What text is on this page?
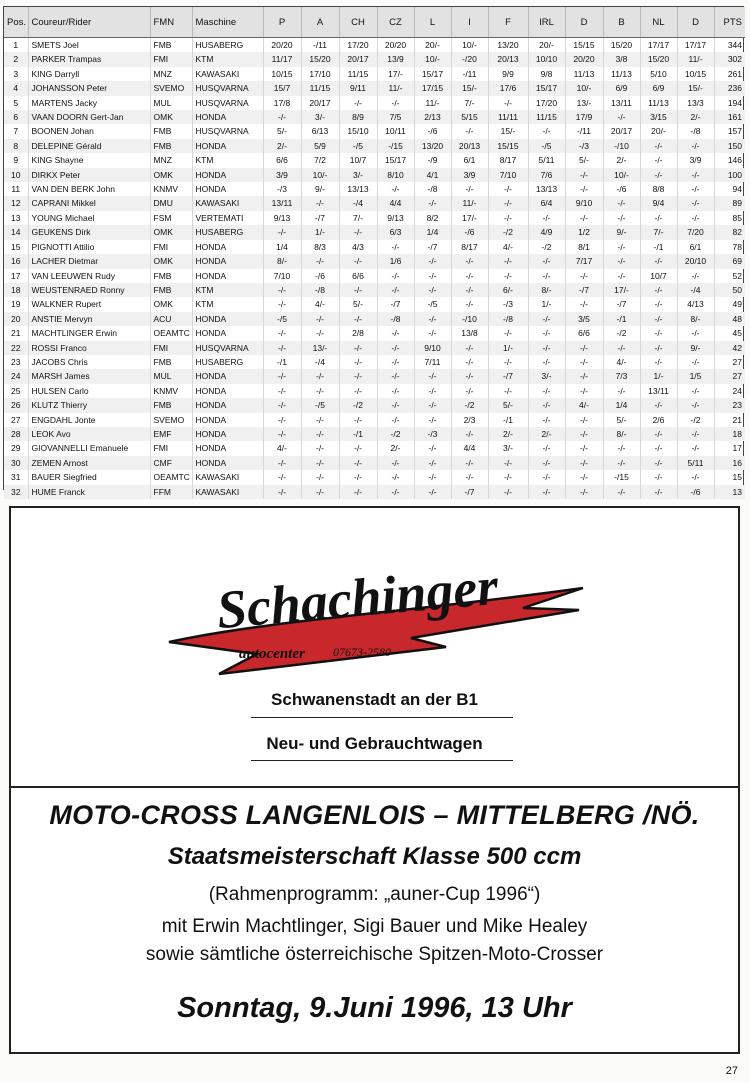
Pos.	Coureur/Rider	FMN	Maschine	P	A	CH	CZ	L	I	F	IRL	D	B	NL	D	PTS
1	SMETS Joel	FMB	HUSABERG	20/20	-/11	17/20	20/20	20/-	10/-	13/20	20/-	15/15	15/20	17/17	17/17	344
2	PARKER Trampas	FMI	KTM	11/17	15/20	20/17	13/9	10/-	-/20	20/13	10/10	20/20	3/8	15/20	11/-	302
3	KING Darryll	MNZ	KAWASAKI	10/15	17/10	11/15	17/-	15/17	-/11	9/9	9/8	11/13	11/13	5/10	10/15	261
4	JOHANSSON Peter	SVEMO	HUSQVARNA	15/7	11/15	9/11	11/-	17/15	15/-	17/6	15/17	10/-	6/9	6/9	15/-	236
5	MARTENS Jacky	MUL	HUSQVARNA	17/8	20/17	-/-	-/-	11/-	7/-	-/-	17/20	13/-	13/11	11/13	13/3	194
6	VAAN DOORN Gert-Jan	OMK	HONDA	-/-	3/-	8/9	7/5	2/13	5/15	11/11	11/15	17/9	-/-	3/15	2/-	161
7	BOONEN Johan	FMB	HUSQVARNA	5/-	6/13	15/10	10/11	-/6	-/-	15/-	-/-	-/11	20/17	20/-	-/8	157
8	DELEPINE Gérald	FMB	HONDA	2/-	5/9	-/5	-/15	13/20	20/13	15/15	-/5	-/3	-/10	-/-	-/-	150
9	KING Shayne	MNZ	KTM	6/6	7/2	10/7	15/17	-/9	6/1	8/17	5/11	5/-	2/-	-/-	3/9	146
10	DIRKX Peter	OMK	HONDA	3/9	10/-	3/-	8/10	4/1	3/9	7/10	7/6	-/-	10/-	-/-	-/-	100
11	VAN DEN BERK John	KNMV	HONDA	-/3	9/-	13/13	-/-	-/8	-/-	-/-	13/13	-/-	-/6	8/8	-/-	94
12	CAPRANI Mikkel	DMU	KAWASAKI	13/11	-/-	-/4	4/4	-/-	11/-	-/-	6/4	9/10	-/-	9/4	-/-	89
13	YOUNG Michael	FSM	VERTEMATI	9/13	-/7	7/-	9/13	8/2	17/-	-/-	-/-	-/-	-/-	-/-	-/-	85
14	GEUKENS Dirk	OMK	HUSABERG	-/-	1/-	-/-	6/3	1/4	-/6	-/2	4/9	1/2	9/-	7/-	7/20	82
15	PIGNOTTI Attilio	FMI	HONDA	1/4	8/3	4/3	-/-	-/7	8/17	4/-	-/2	8/1	-/-	-/1	6/1	78
16	LACHER Dietmar	OMK	HONDA	8/-	-/-	-/-	1/6	-/-	-/-	-/-	-/-	7/17	-/-	-/-	20/10	69
17	VAN LEEUWEN Rudy	FMB	HONDA	7/10	-/6	6/6	-/-	-/-	-/-	-/-	-/-	-/-	-/-	10/7	-/-	52
18	WEUSTENRAED Ronny	FMB	KTM	-/-	-/8	-/-	-/-	-/-	-/-	6/-	8/-	-/7	17/-	-/-	-/4	50
19	WALKNER Rupert	OMK	KTM	-/-	4/-	5/-	-/7	-/5	-/-	-/3	1/-	-/-	-/7	-/-	4/13	49
20	ANSTIE Mervyn	ACU	HONDA	-/5	-/-	-/-	-/8	-/-	-/10	-/8	-/-	3/5	-/1	-/-	8/-	48
21	MACHTLINGER Erwin	OEAMTC	HONDA	-/-	-/-	2/8	-/-	-/-	13/8	-/-	-/-	6/6	-/2	-/-	-/-	45
22	ROSSI Franco	FMI	HUSQVARNA	-/-	13/-	-/-	-/-	9/10	-/-	1/-	-/-	-/-	-/-	-/-	9/-	42
23	JACOBS Chris	FMB	HUSABERG	-/1	-/4	-/-	-/-	7/11	-/-	-/-	-/-	-/-	4/-	-/-	-/-	27
24	MARSH James	MUL	HONDA	-/-	-/-	-/-	-/-	-/-	-/-	-/7	3/-	-/-	7/3	1/-	1/5	27
25	HULSEN Carlo	KNMV	HONDA	-/-	-/-	-/-	-/-	-/-	-/-	-/-	-/-	-/-	-/-	13/11	-/-	24
26	KLUTZ Thierry	FMB	HONDA	-/-	-/5	-/2	-/-	-/-	-/2	5/-	-/-	4/-	1/4	-/-	-/-	23
27	ENGDAHL Jonte	SVEMO	HONDA	-/-	-/-	-/-	-/-	-/-	2/3	-/1	-/-	-/-	5/-	2/6	-/2	21
28	LEOK Avo	EMF	HONDA	-/-	-/-	-/1	-/2	-/3	-/-	2/-	2/-	-/-	8/-	-/-	-/-	18
29	GIOVANNELLI Emanuele	FMI	HONDA	4/-	-/-	-/-	2/-	-/-	4/4	3/-	-/-	-/-	-/-	-/-	-/-	17
30	ZEMEN Arnost	CMF	HONDA	-/-	-/-	-/-	-/-	-/-	-/-	-/-	-/-	-/-	-/-	-/-	5/11	16
31	BAUER Siegfried	OEAMTC	KAWASAKI	-/-	-/-	-/-	-/-	-/-	-/-	-/-	-/-	-/-	-/15	-/-	-/-	15
32	HUME Franck	FFM	KAWASAKI	-/-	-/-	-/-	-/-	-/-	-/7	-/-	-/-	-/-	-/-	-/-	-/6	13
Schachinger
autocenter 07673-2580
Schwanenstadt an der B1
Neu- und Gebrauchtwagen
MOTO-CROSS LANGENLOIS – MITTELBERG /NÖ.
Staatsmeisterschaft Klasse 500 ccm
(Rahmenprogramm: „auner-Cup 1996“)
mit Erwin Machtlinger, Sigi Bauer und Mike Healey
sowie sämtliche österreichische Spitzen-Moto-Crosser
Sonntag, 9.Juni 1996, 13 Uhr
27
